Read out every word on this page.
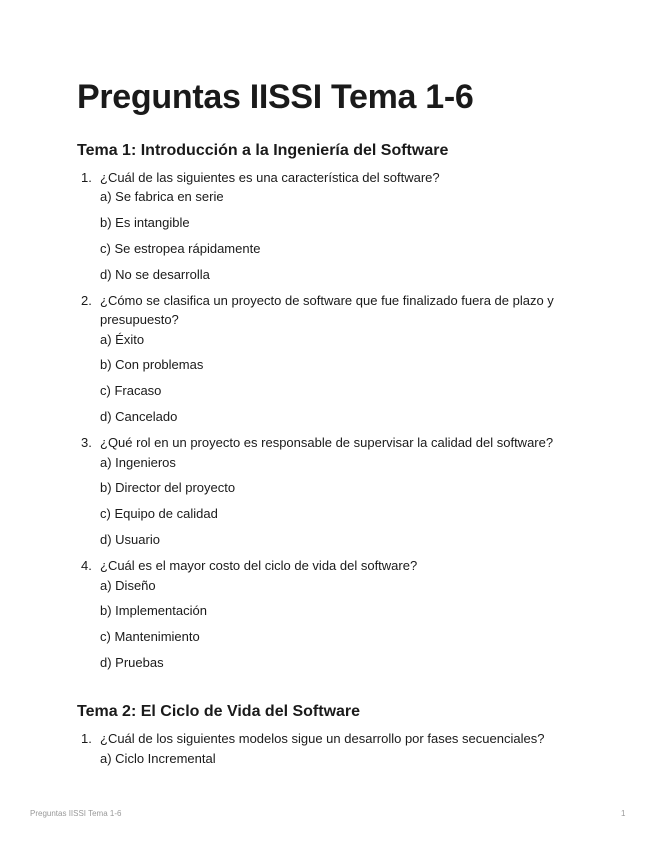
Preguntas IISSI Tema 1-6
Tema 1: Introducción a la Ingeniería del Software
1. ¿Cuál de las siguientes es una característica del software?
a) Se fabrica en serie
b) Es intangible
c) Se estropea rápidamente
d) No se desarrolla
2. ¿Cómo se clasifica un proyecto de software que fue finalizado fuera de plazo y presupuesto?
a) Éxito
b) Con problemas
c) Fracaso
d) Cancelado
3. ¿Qué rol en un proyecto es responsable de supervisar la calidad del software?
a) Ingenieros
b) Director del proyecto
c) Equipo de calidad
d) Usuario
4. ¿Cuál es el mayor costo del ciclo de vida del software?
a) Diseño
b) Implementación
c) Mantenimiento
d) Pruebas
Tema 2: El Ciclo de Vida del Software
1. ¿Cuál de los siguientes modelos sigue un desarrollo por fases secuenciales?
a) Ciclo Incremental
Preguntas IISSI Tema 1-6	1
